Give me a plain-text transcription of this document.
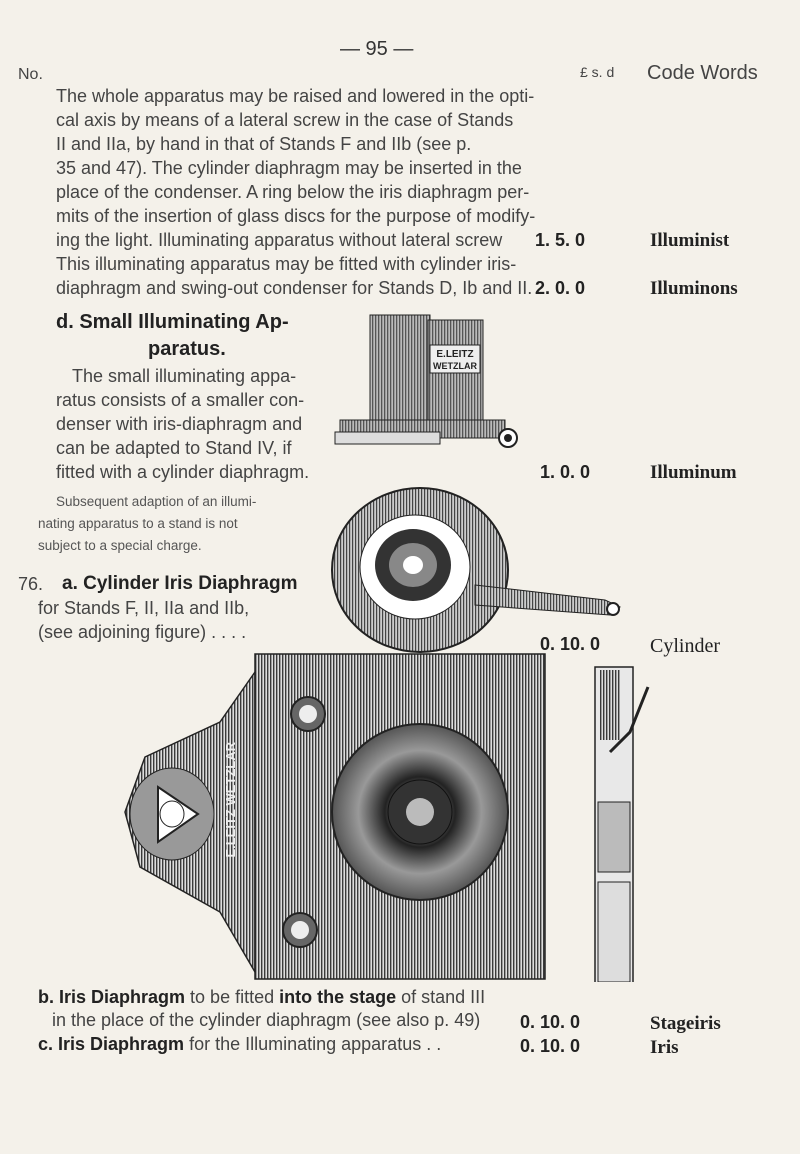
— 95 —
No.	£ s. d Code Words
The whole apparatus may be raised and lowered in the opti-
cal axis by means of a lateral screw in the case of Stands
II and IIa, by hand in that of Stands F and IIb (see p.
35 and 47). The cylinder diaphragm may be inserted in the
place of the condenser. A ring below the iris diaphragm per-
mits of the insertion of glass discs for the purpose of modify-
ing the light. Illuminating apparatus without lateral screw 1. 5. 0	Illuminist
This illuminating apparatus may be fitted with cylinder iris-
diaphragm and swing-out condenser for Stands D, Ib and II. 2. 0. 0	Illuminons
d. Small Illuminating Ap-
paratus.
The small illuminating appa-
ratus consists of a smaller con-
denser with iris-diaphragm and
can be adapted to Stand IV, if
fitted with a cylinder diaphragm.	1. 0. 0	Illuminum
Subsequent adaption of an illumi-
nating apparatus to a stand is not
subject to a special charge.
76. a. Cylinder Iris Diaphragm
for Stands F, II, IIa and IIb,
(see adjoining figure) . . . .
0. 10. 0 Cylinder
E.LEITZ
WETZLAR
E.LEITZ WETZLAR
b. Iris Diaphragm to be fitted into the stage of stand III
in the place of the cylinder diaphragm (see also p. 49) 0. 10. 0	Stageiris
c. Iris Diaphragm for the Illuminating apparatus . .	0. 10. 0	Iris
